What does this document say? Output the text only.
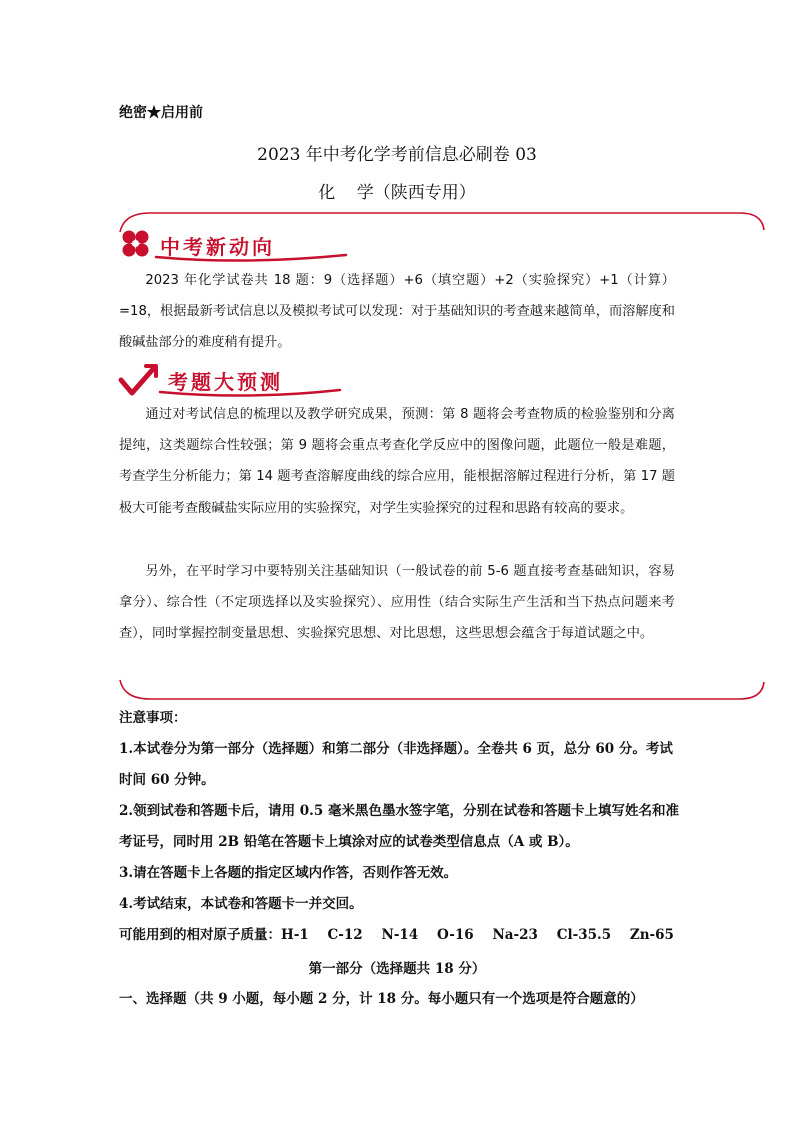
绝密★启用前
2023 年中考化学考前信息必刷卷 03
化    学（陕西专用）
中考新动向
2023 年化学试卷共 18 题：9（选择题）+6（填空题）+2（实验探究）+1（计算）=18，根据最新考试信息以及模拟考试可以发现：对于基础知识的考查越来越简单，而溶解度和酸碱盐部分的难度稍有提升。
考题大预测
通过对考试信息的梳理以及教学研究成果，预测：第 8 题将会考查物质的检验鉴别和分离提纯，这类题综合性较强；第 9 题将会重点考查化学反应中的图像问题，此题位一般是难题，考查学生分析能力；第 14 题考查溶解度曲线的综合应用，能根据溶解过程进行分析，第 17 题极大可能考查酸碱盐实际应用的实验探究，对学生实验探究的过程和思路有较高的要求。
另外，在平时学习中要特别关注基础知识（一般试卷的前 5-6 题直接考查基础知识，容易拿分）、综合性（不定项选择以及实验探究）、应用性（结合实际生产生活和当下热点问题来考查），同时掌握控制变量思想、实验探究思想、对比思想，这些思想会蕴含于每道试题之中。

注意事项：

1.本试卷分为第一部分（选择题）和第二部分（非选择题）。全卷共 6 页，总分 60 分。考试时间 60 分钟。

2.领到试卷和答题卡后，请用 0.5 毫米黑色墨水签字笔，分别在试卷和答题卡上填写姓名和准考证号，同时用 2B 铅笔在答题卡上填涂对应的试卷类型信息点（A 或 B）。

3.请在答题卡上各题的指定区域内作答，否则作答无效。

4.考试结束，本试卷和答题卡一并交回。

可能用到的相对原子质量：H-1    C-12    N-14    O-16    Na-23    Cl-35.5    Zn-65

第一部分（选择题共 18 分）
一、选择题（共 9 小题，每小题 2 分，计 18 分。每小题只有一个选项是符合题意的）
